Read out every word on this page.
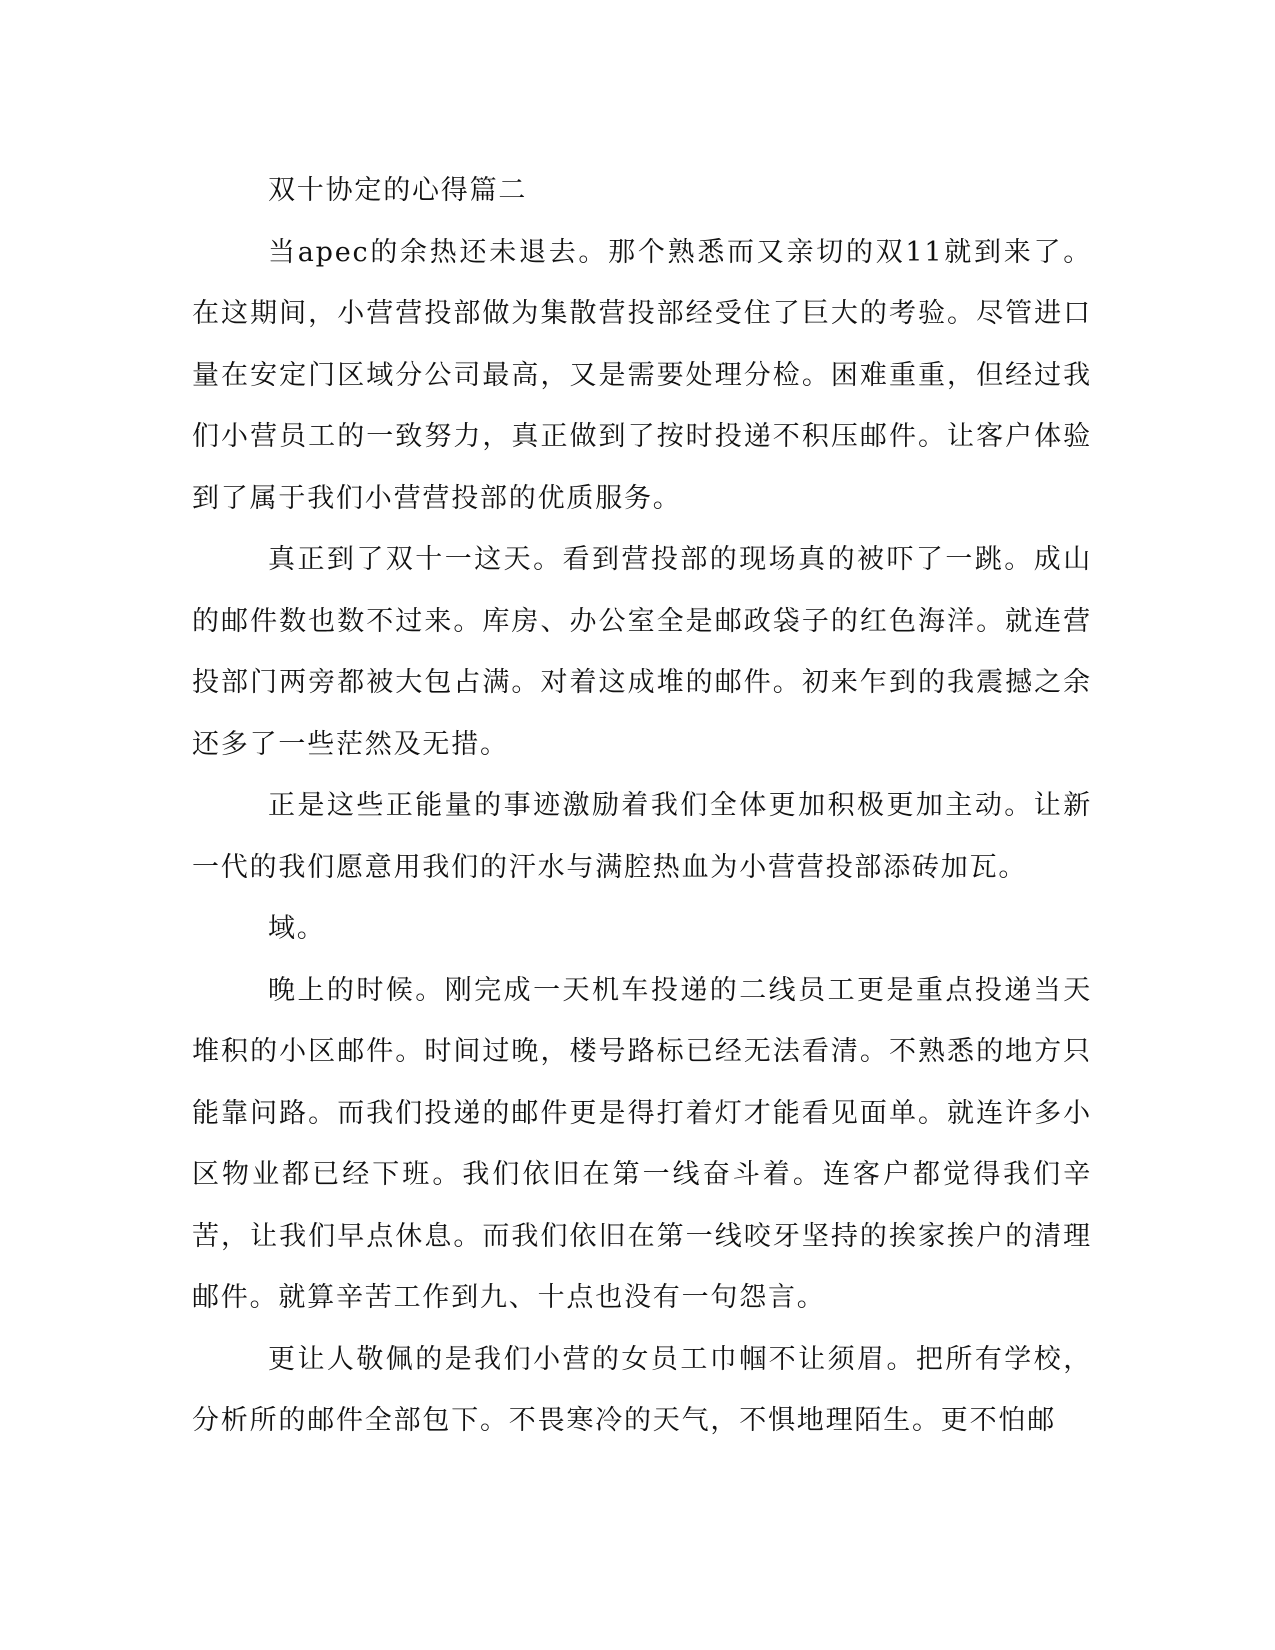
双十协定的心得篇二

当apec的余热还未退去。那个熟悉而又亲切的双11就到来了。在这期间，小营营投部做为集散营投部经受住了巨大的考验。尽管进口量在安定门区域分公司最高，又是需要处理分检。困难重重，但经过我们小营员工的一致努力，真正做到了按时投递不积压邮件。让客户体验到了属于我们小营营投部的优质服务。

真正到了双十一这天。看到营投部的现场真的被吓了一跳。成山的邮件数也数不过来。库房、办公室全是邮政袋子的红色海洋。就连营投部门两旁都被大包占满。对着这成堆的邮件。初来乍到的我震撼之余还多了一些茫然及无措。

正是这些正能量的事迹激励着我们全体更加积极更加主动。让新一代的我们愿意用我们的汗水与满腔热血为小营营投部添砖加瓦。

域。

晚上的时候。刚完成一天机车投递的二线员工更是重点投递当天堆积的小区邮件。时间过晚，楼号路标已经无法看清。不熟悉的地方只能靠问路。而我们投递的邮件更是得打着灯才能看见面单。就连许多小区物业都已经下班。我们依旧在第一线奋斗着。连客户都觉得我们辛苦，让我们早点休息。而我们依旧在第一线咬牙坚持的挨家挨户的清理邮件。就算辛苦工作到九、十点也没有一句怨言。

更让人敬佩的是我们小营的女员工巾帼不让须眉。把所有学校，分析所的邮件全部包下。不畏寒冷的天气，不惧地理陌生。更不怕邮
